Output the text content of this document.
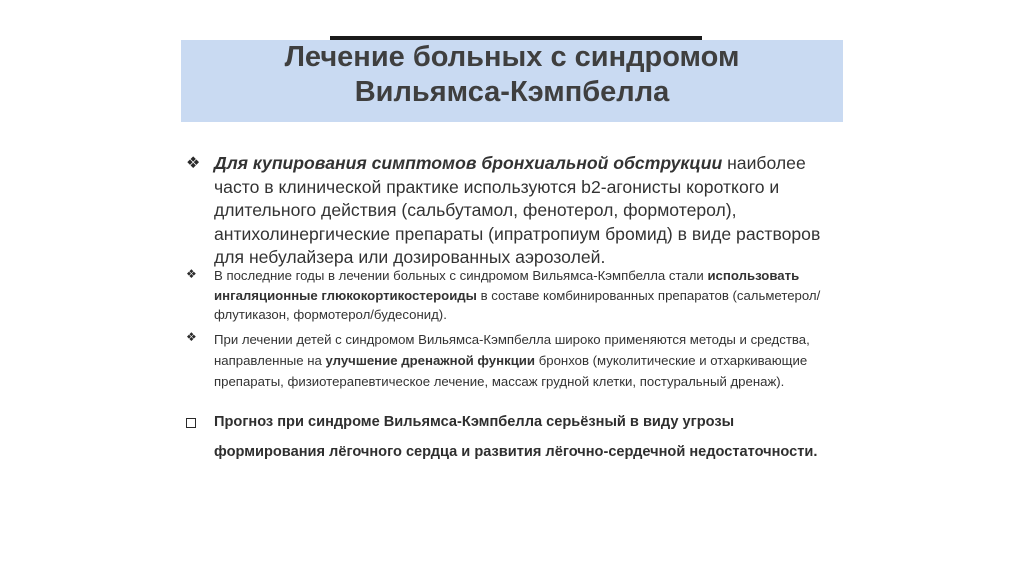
Лечение больных с синдромом
Вильямса-Кэмпбелла
❖ Для купирования симптомов бронхиальной обструкции наиболее часто в клинической практике используются b2-агонисты короткого и длительного действия (сальбутамол, фенотерол, формотерол), антихолинергические препараты (ипратропиум бромид) в виде растворов для небулайзера или дозированных аэрозолей.
❖ В последние годы в лечении больных с синдромом Вильямса-Кэмпбелла стали использовать ингаляционные глюкокортикостероиды в составе комбинированных препаратов (сальметерол/флутиказон, формотерол/будесонид).
❖ При лечении детей с синдромом Вильямса-Кэмпбелла широко применяются методы и средства, направленные на улучшение дренажной функции бронхов (муколитические и отхаркивающие препараты, физиотерапевтическое лечение, массаж грудной клетки, постуральный дренаж).
Прогноз при синдроме Вильямса-Кэмпбелла серьёзный в виду угрозы формирования лёгочного сердца и развития лёгочно-сердечной недостаточности.
